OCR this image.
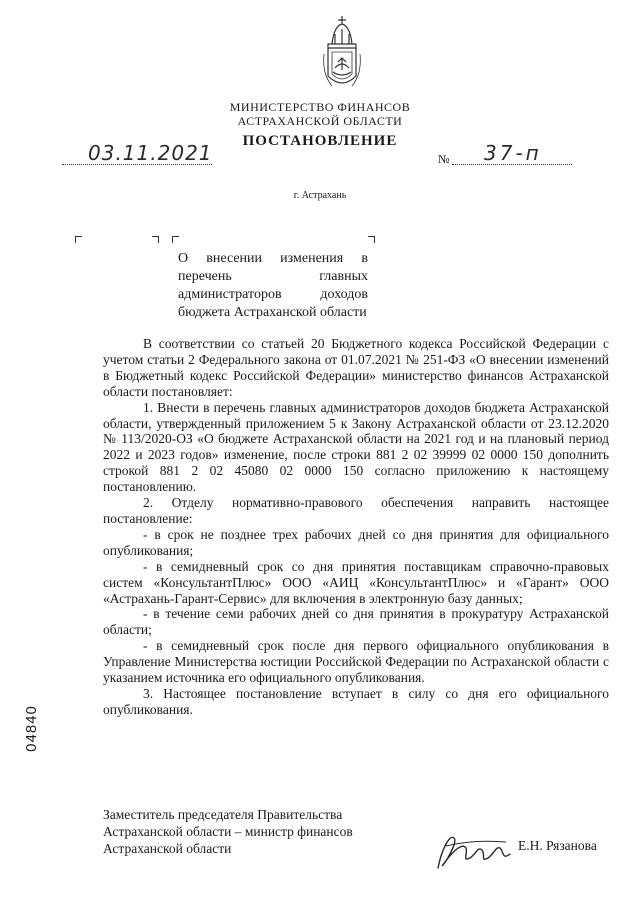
МИНИСТЕРСТВО ФИНАНСОВ
АСТРАХАНСКОЙ ОБЛАСТИ
ПОСТАНОВЛЕНИЕ
03.11.2021	№ 37-п
г. Астрахань
О внесении изменения в перечень главных администраторов доходов бюджета Астраханской области

В соответствии со статьей 20 Бюджетного кодекса Российской Федерации с учетом статьи 2 Федерального закона от 01.07.2021 № 251-ФЗ «О внесении изменений в Бюджетный кодекс Российской Федерации» министерство финансов Астраханской области постановляет:

1. Внести в перечень главных администраторов доходов бюджета Астраханской области, утвержденный приложением 5 к Закону Астраханской области от 23.12.2020 № 113/2020-ОЗ «О бюджете Астраханской области на 2021 год и на плановый период 2022 и 2023 годов» изменение, после строки 881 2 02 39999 02 0000 150 дополнить строкой 881 2 02 45080 02 0000 150 согласно приложению к настоящему постановлению.

2. Отделу нормативно-правового обеспечения направить настоящее постановление:

- в срок не позднее трех рабочих дней со дня принятия для официального опубликования;

- в семидневный срок со дня принятия поставщикам справочно-правовых систем «КонсультантПлюс» ООО «АИЦ «КонсультантПлюс» и «Гарант» ООО «Астрахань-Гарант-Сервис» для включения в электронную базу данных;

- в течение семи рабочих дней со дня принятия в прокуратуру Астраханской области;

- в семидневный срок после дня первого официального опубликования в Управление Министерства юстиции Российской Федерации по Астраханской области с указанием источника его официального опубликования.

3. Настоящее постановление вступает в силу со дня его официального опубликования.

04840
Заместитель председателя Правительства
Астраханской области – министр финансов
Астраханской области	Е.Н. Рязанова
